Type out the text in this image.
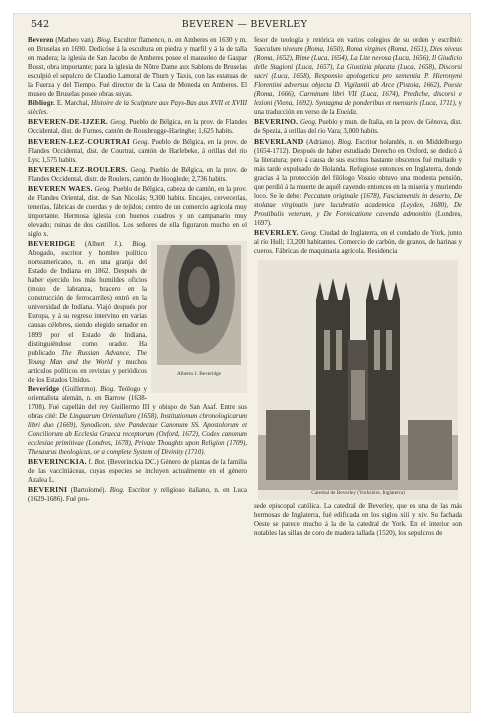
542	BEVEREN — BEVERLEY

Beveren (Matheo van). Biog. Escultor flamenco, n. en Amberes en 1630 y m. en Bruselas en 1690. Dedicóse á la escultura en piedra y marfil y á la de talla en madera; la iglesia de San Jacobo de Amberes posee el mausoleo de Gaspar Bosst, obra importante; para la iglesia de Nôtre Dame aux Sablons de Bruselas esculpió el sepulcro de Claudio Lamoral de Thurn y Taxis, con las estatuas de la Fuerza y del Tiempo. Fué director de la Casa de Moneda en Amberes. El museo de Bruselas posee obras suyas.

Bibliogr. E. Marchal, Histoire de la Sculpture aux Pays-Bas aux XVII et XVIII siècles.

BEVEREN-DE-IJZER. Geog. Pueblo de Bélgica, en la prov. de Flandes Occidental, dist. de Furnes, cantón de Rousbrugge-Haringhe; 1,625 habits.

BEVEREN-LEZ-COURTRAI Geog. Pueblo de Bélgica, en la prov. de Flandes Occidental, dist. de Courtrai, cantón de Harlebeke, á orillas del río Lys; 1,575 habits.

BEVEREN-LEZ-ROULERS. Geog. Pueblo de Bélgica, en la prov. de Flandes Occidental, distr. de Roulers, cantón de Hooglede; 2,736 habits.

BEVEREN WAES. Geog. Pueblo de Bélgica, cabeza de cantón, en la prov. de Flandes Oriental, dist. de San Nicolás; 9,300 habits. Encajes, cervecerías, tenerías, fábricas de cuerdas y de tejidos; centro de un comercio agrícola muy importante. Hermosa iglesia con buenos cuadros y un campanario muy elevado; ruinas de dos castillos. Los señores de ella figuraron mucho en el siglo x.

BEVERIDGE (Albert J.). Biog.
Alberto J. Beveridge
Abogado, escritor y hombre político norteamericano, n. en una granja del Estado de Indiana en 1862. Después de haber ejercido los más humildes oficios (mozo de labranza, bracero en la construcción de ferrocarriles) entró en la universidad de Indiana. Viajó después por Europa, y á su regreso intervino en varias causas célebres, siendo elegido senador en 1899 por el Estado de Indiana, distinguiéndose como orador. Ha publicado The Russian Advance, The Young Man and the World y muchos artículos políticos en revistas y periódicos de los Estados Unidos.

Beveridge (Guillermo). Biog. Teólogo y orientalista alemán, n. en Barrow (1638-1708). Fué capellán del rey Guillermo III y obispo de San Asaf. Entre sus obras cité: De Linguarum Orientalium (1658), Institutionum chronologicarum libri duo (1669), Synodicon, sive Pandectae Canonum SS. Apostolorum et Conciliorum ab Ecclesia Graeca receptorum (Oxford, 1672), Codex canonum ecclesiae primitivae (Londres, 1678), Private Thoughts upon Religion (1709), Thesaurus theologicus, or a complete System of Divinity (1710).

BEVERINCKIA. f. Bot. (Beverinckia DC.) Género de plantas de la familia de las vaccíniáceas, cuyas especies se incluyen actualmente en el género Azalea L.

BEVERINI (Bartolomé). Biog. Escritor y religioso italiano, n. en Luca (1629-1686). Fué pro-

fesor de teología y retórica en varios colegios de su orden y escribió: Saeculum niveum (Roma, 1650), Roma virgines (Roma, 1651), Dies niveus (Roma, 1652), Rime (Luca, 1654), La Lite nevosa (Luca, 1656), Il Giudicio delle Stagioni (Luca, 1657), La Giustizia placata (Luca, 1658), Discorsi sacri (Luca, 1658), Responsio apologetica pro sententia P. Hieronymi Florentini adversus objecta D. Vigilantii ab Arce (Pistoia, 1662), Poesie (Roma, 1666), Carminum libri VII (Luca, 1674), Prediche, discorsi e lezioni (Viena, 1692). Syntagma de ponderibus et mensuris (Luca, 1711), y una traducción en verso de la Eneida.

BEVERINO. Geog. Pueblo y mun. de Italia, en la prov. de Génova, dist. de Spezia, á orillas del río Vara; 3,000 habits.

BEVERLAND (Adriano). Biog. Escritor holandés, n. en Middelburgo (1654-1712). Después de haber estudiado Derecho en Oxford, se dedicó á la literatura; pero á causa de sus escritos bastante obscenos fué multado y más tarde expulsado de Holanda. Refugiose entonces en Inglaterra, donde gracias á la protección del filólogo Vossio obtuvo una modesta pensión, que perdió á la muerte de aquél cayendo entonces en la miseria y muriendo loco. Se le debe: Peccatum originale (1678), Fasciamentis in deserto, De stolatae virginatis jure lucubratio academica (Leyden, 1680), De Prostibulis veterum, y De Fornicatione cavenda admonitio (Londres, 1697).

BEVERLEY. Geog. Ciudad de Inglaterra, en el condado de York, junto al río Hull; 13,200 habitantes. Comercio de carbón, de granos, de harinas y cueros. Fábricas de maquinaria agrícola. Residencia

Catedral de Beverley (Yorkshire, Inglaterra)

sede episcopal católica. La catedral de Beverley, que es una de las más hermosas de Inglaterra, fué edificada en los siglos xiii y xiv. Su fachada Oeste se parece mucho á la de la catedral de York. En el interior son notables las sillas de coro de madera tallada (1520), los sepulcros de
